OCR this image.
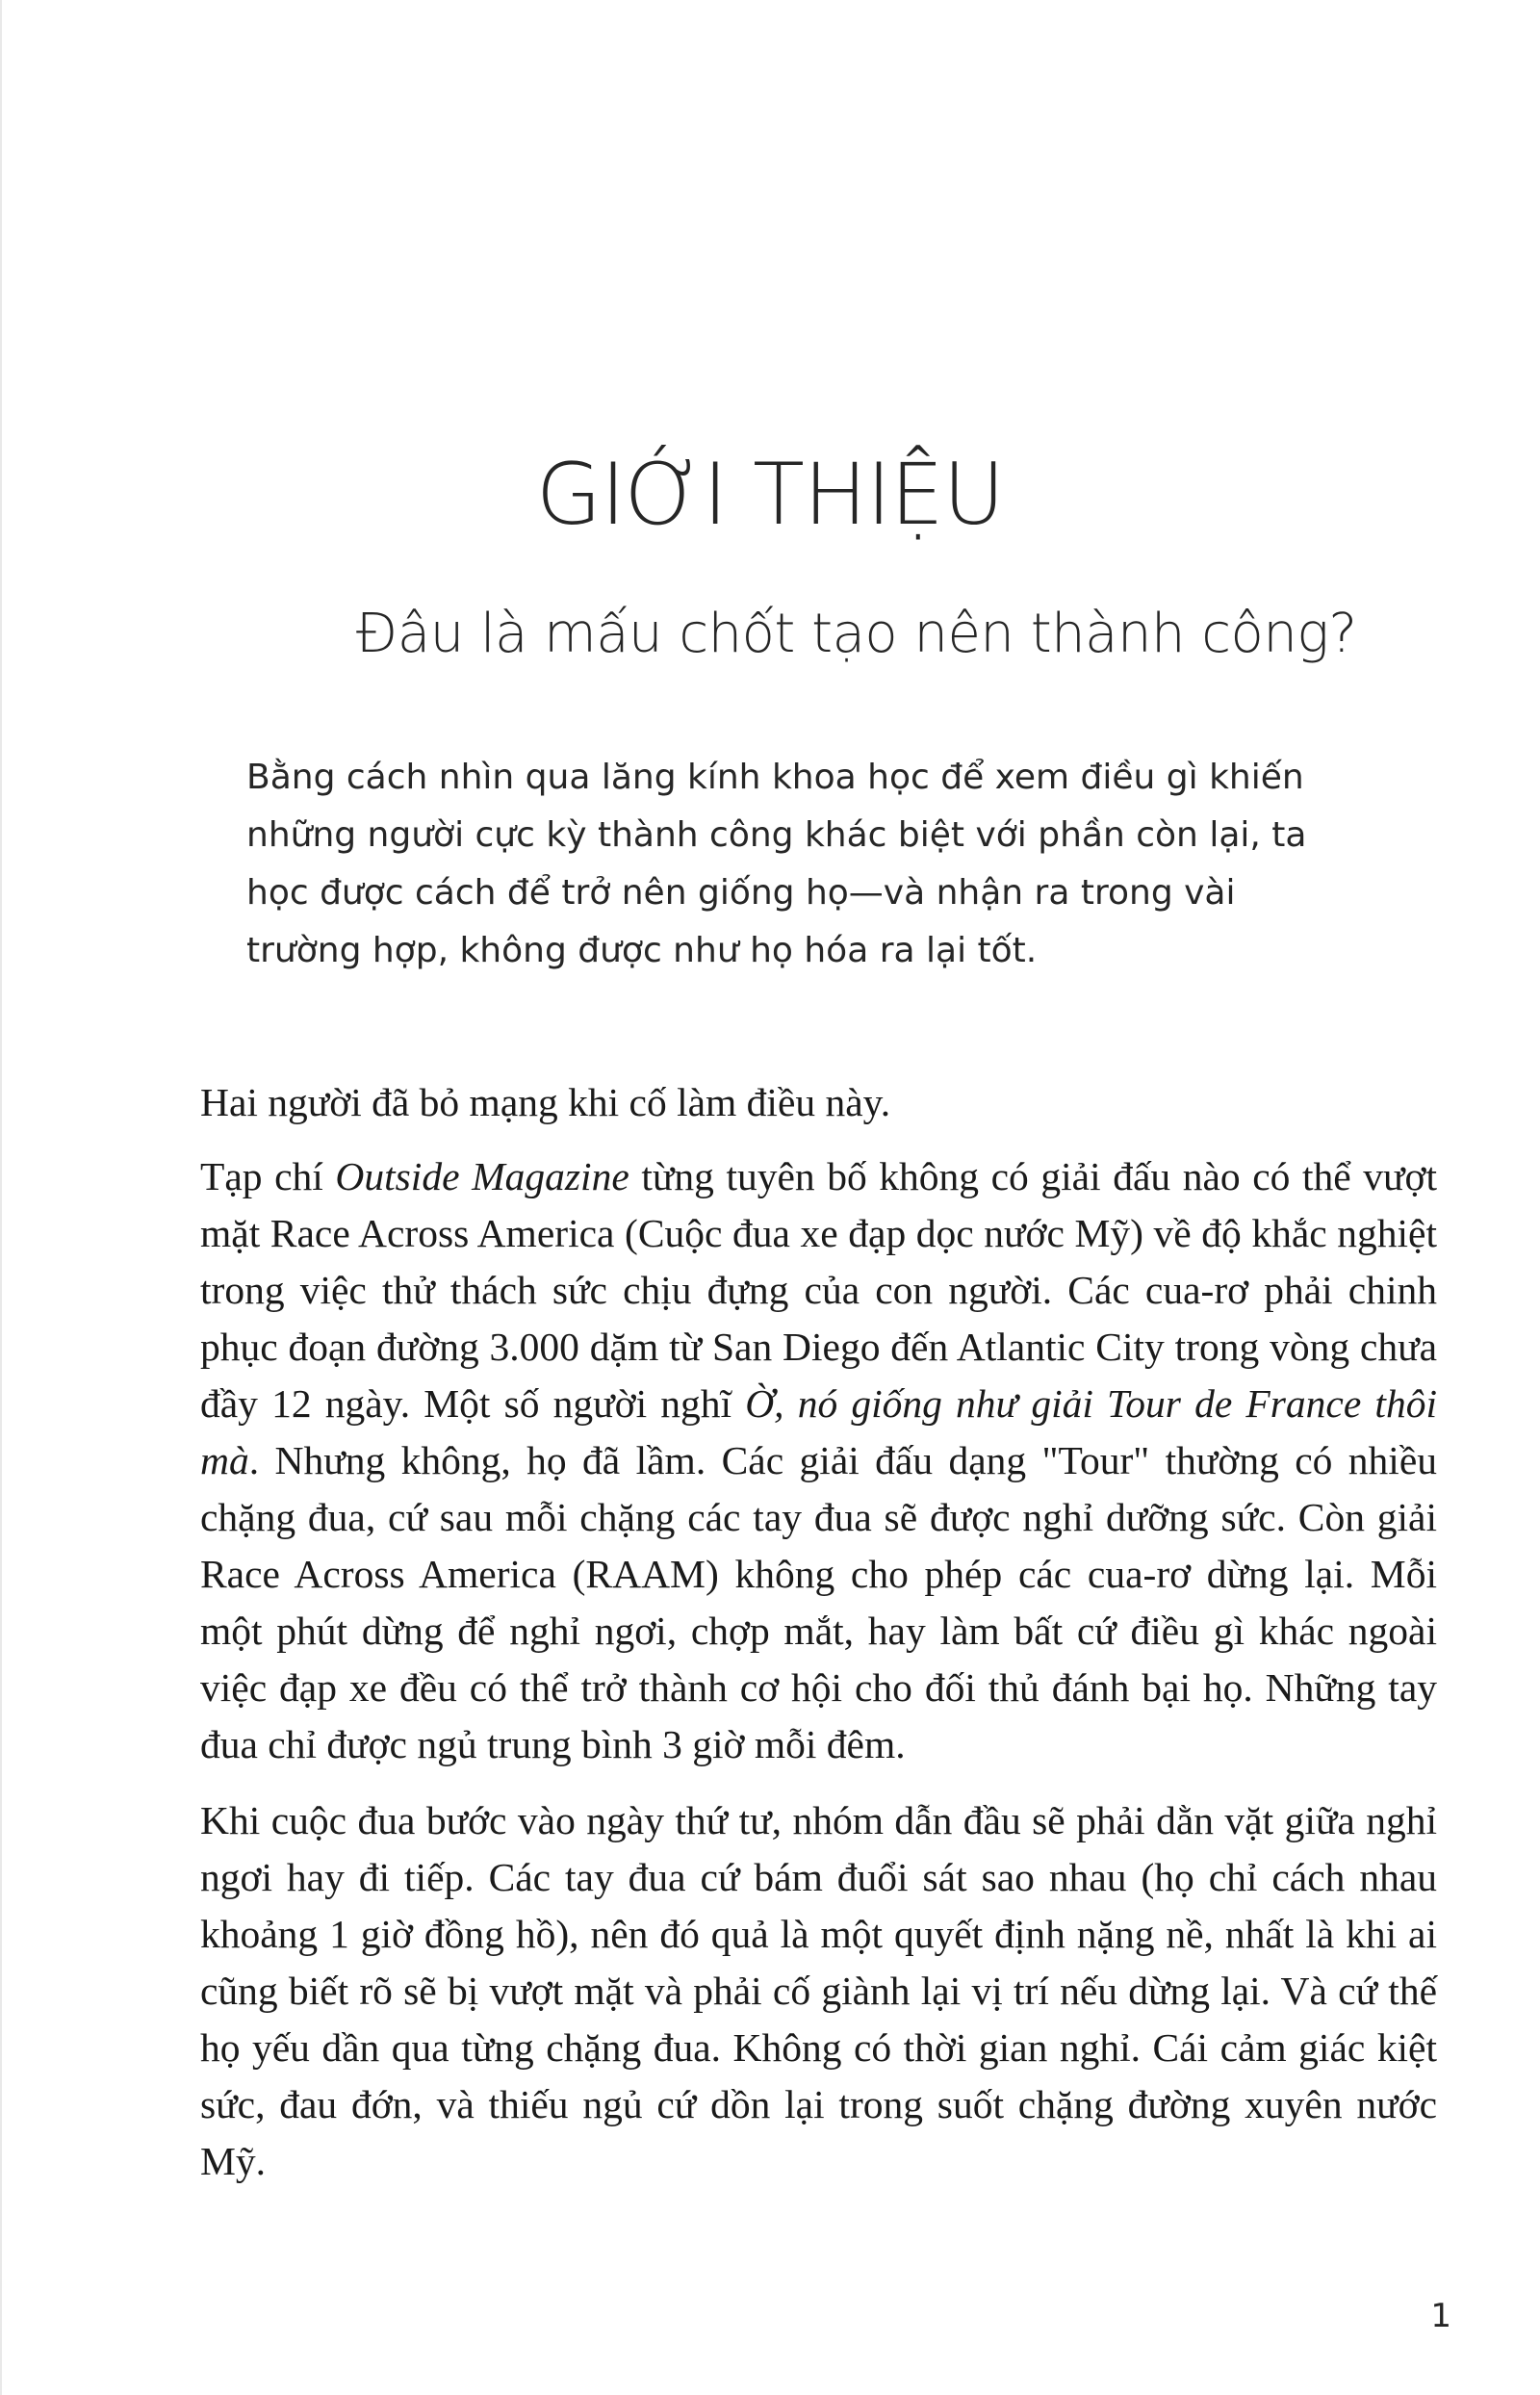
GIỚI THIỆU
Đâu là mấu chốt tạo nên thành công?

Bằng cách nhìn qua lăng kính khoa học để xem điều gì khiến những người cực kỳ thành công khác biệt với phần còn lại, ta học được cách để trở nên giống họ—và nhận ra trong vài trường hợp, không được như họ hóa ra lại tốt.

Hai người đã bỏ mạng khi cố làm điều này.

Tạp chí Outside Magazine từng tuyên bố không có giải đấu nào có thể vượt mặt Race Across America (Cuộc đua xe đạp dọc nước Mỹ) về độ khắc nghiệt trong việc thử thách sức chịu đựng của con người. Các cua-rơ phải chinh phục đoạn đường 3.000 dặm từ San Diego đến Atlantic City trong vòng chưa đầy 12 ngày. Một số người nghĩ Ờ, nó giống như giải Tour de France thôi mà. Nhưng không, họ đã lầm. Các giải đấu dạng "Tour" thường có nhiều chặng đua, cứ sau mỗi chặng các tay đua sẽ được nghỉ dưỡng sức. Còn giải Race Across America (RAAM) không cho phép các cua-rơ dừng lại. Mỗi một phút dừng để nghỉ ngơi, chợp mắt, hay làm bất cứ điều gì khác ngoài việc đạp xe đều có thể trở thành cơ hội cho đối thủ đánh bại họ. Những tay đua chỉ được ngủ trung bình 3 giờ mỗi đêm.

Khi cuộc đua bước vào ngày thứ tư, nhóm dẫn đầu sẽ phải dằn vặt giữa nghỉ ngơi hay đi tiếp. Các tay đua cứ bám đuổi sát sao nhau (họ chỉ cách nhau khoảng 1 giờ đồng hồ), nên đó quả là một quyết định nặng nề, nhất là khi ai cũng biết rõ sẽ bị vượt mặt và phải cố giành lại vị trí nếu dừng lại. Và cứ thế họ yếu dần qua từng chặng đua. Không có thời gian nghỉ. Cái cảm giác kiệt sức, đau đớn, và thiếu ngủ cứ dồn lại trong suốt chặng đường xuyên nước Mỹ.

1
